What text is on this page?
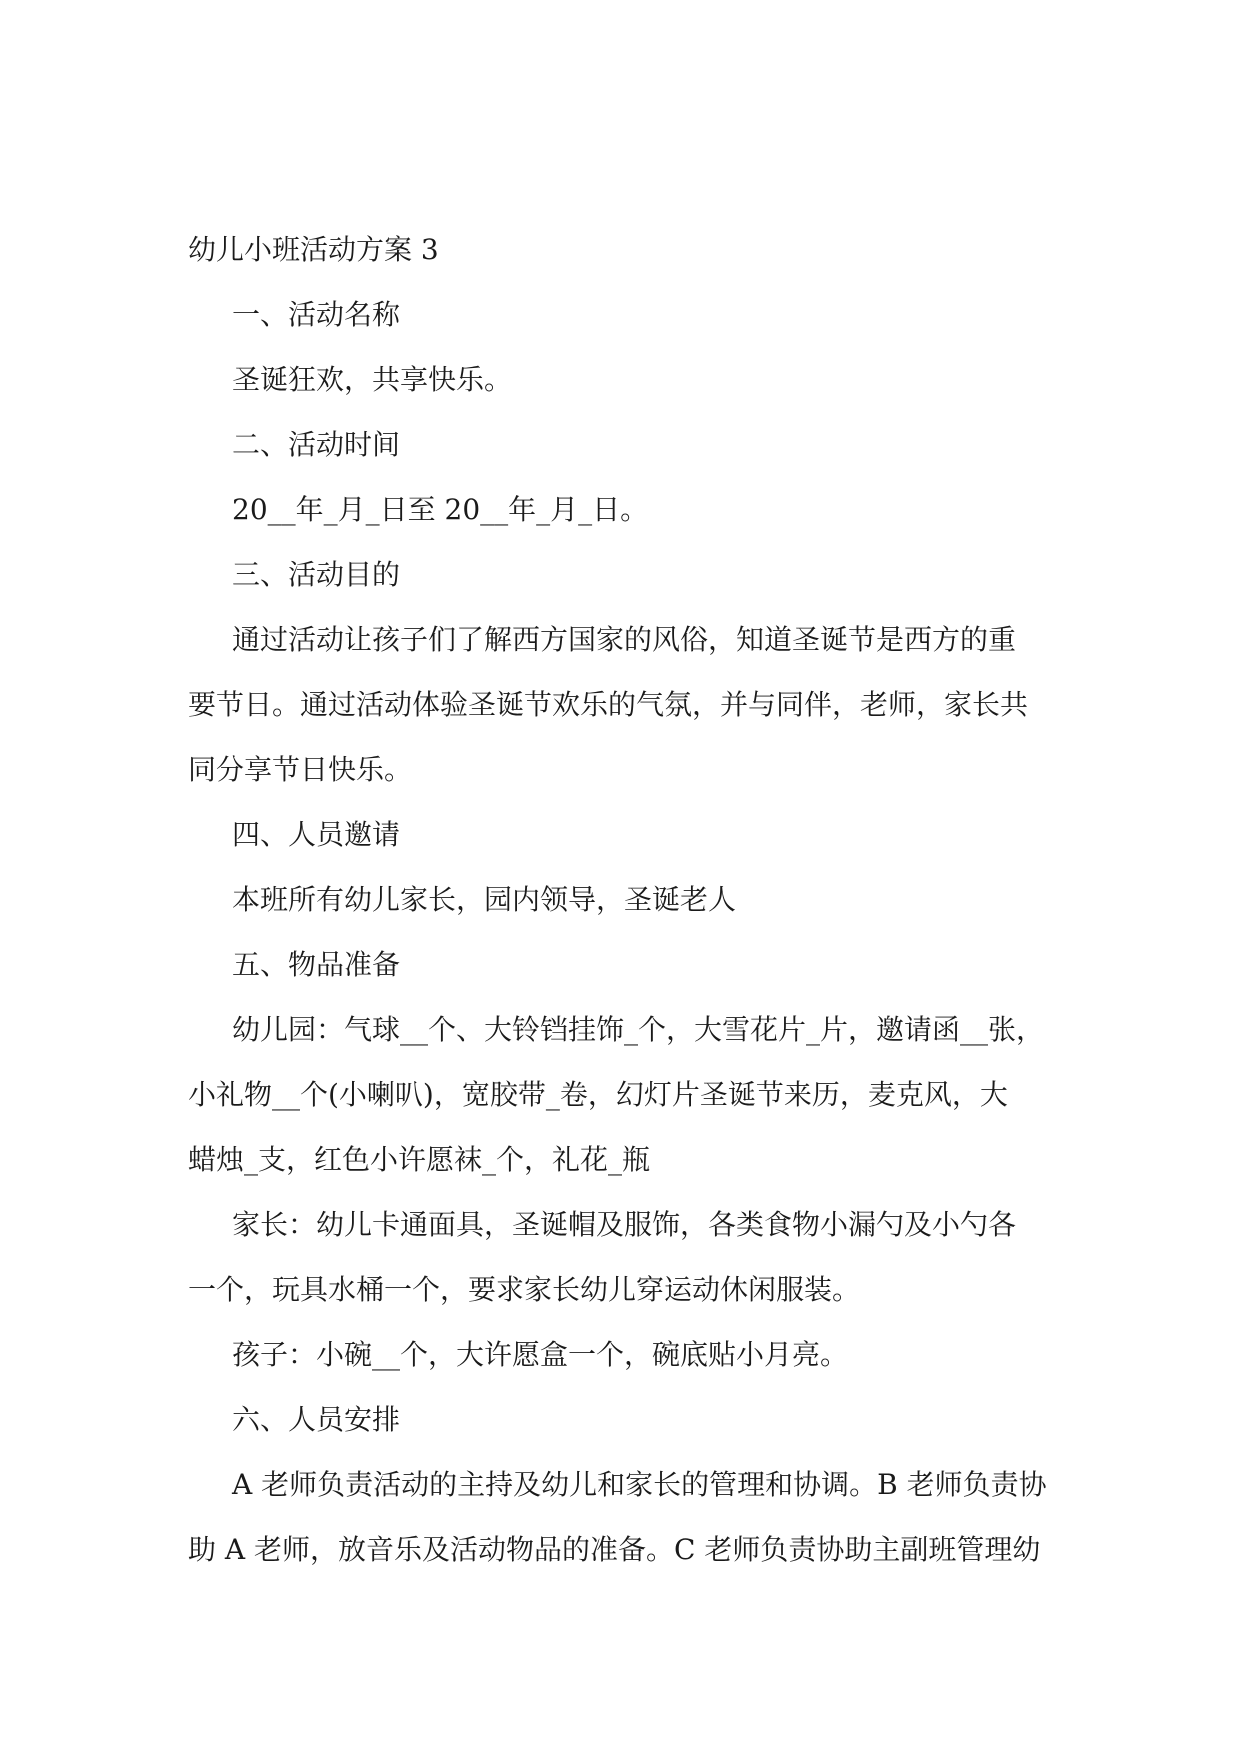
幼儿小班活动方案 3
一、活动名称
圣诞狂欢，共享快乐。
二、活动时间
20__年_月_日至 20__年_月_日。
三、活动目的
通过活动让孩子们了解西方国家的风俗，知道圣诞节是西方的重
要节日。通过活动体验圣诞节欢乐的气氛，并与同伴，老师，家长共
同分享节日快乐。
四、人员邀请
本班所有幼儿家长，园内领导，圣诞老人
五、物品准备
幼儿园：气球__个、大铃铛挂饰_个，大雪花片_片，邀请函__张，
小礼物__个(小喇叭)，宽胶带_卷，幻灯片圣诞节来历，麦克风，大
蜡烛_支，红色小许愿袜_个，礼花_瓶
家长：幼儿卡通面具，圣诞帽及服饰，各类食物小漏勺及小勺各
一个，玩具水桶一个，要求家长幼儿穿运动休闲服装。
孩子：小碗__个，大许愿盒一个，碗底贴小月亮。
六、人员安排
A 老师负责活动的主持及幼儿和家长的管理和协调。B 老师负责协
助 A 老师，放音乐及活动物品的准备。C 老师负责协助主副班管理幼
